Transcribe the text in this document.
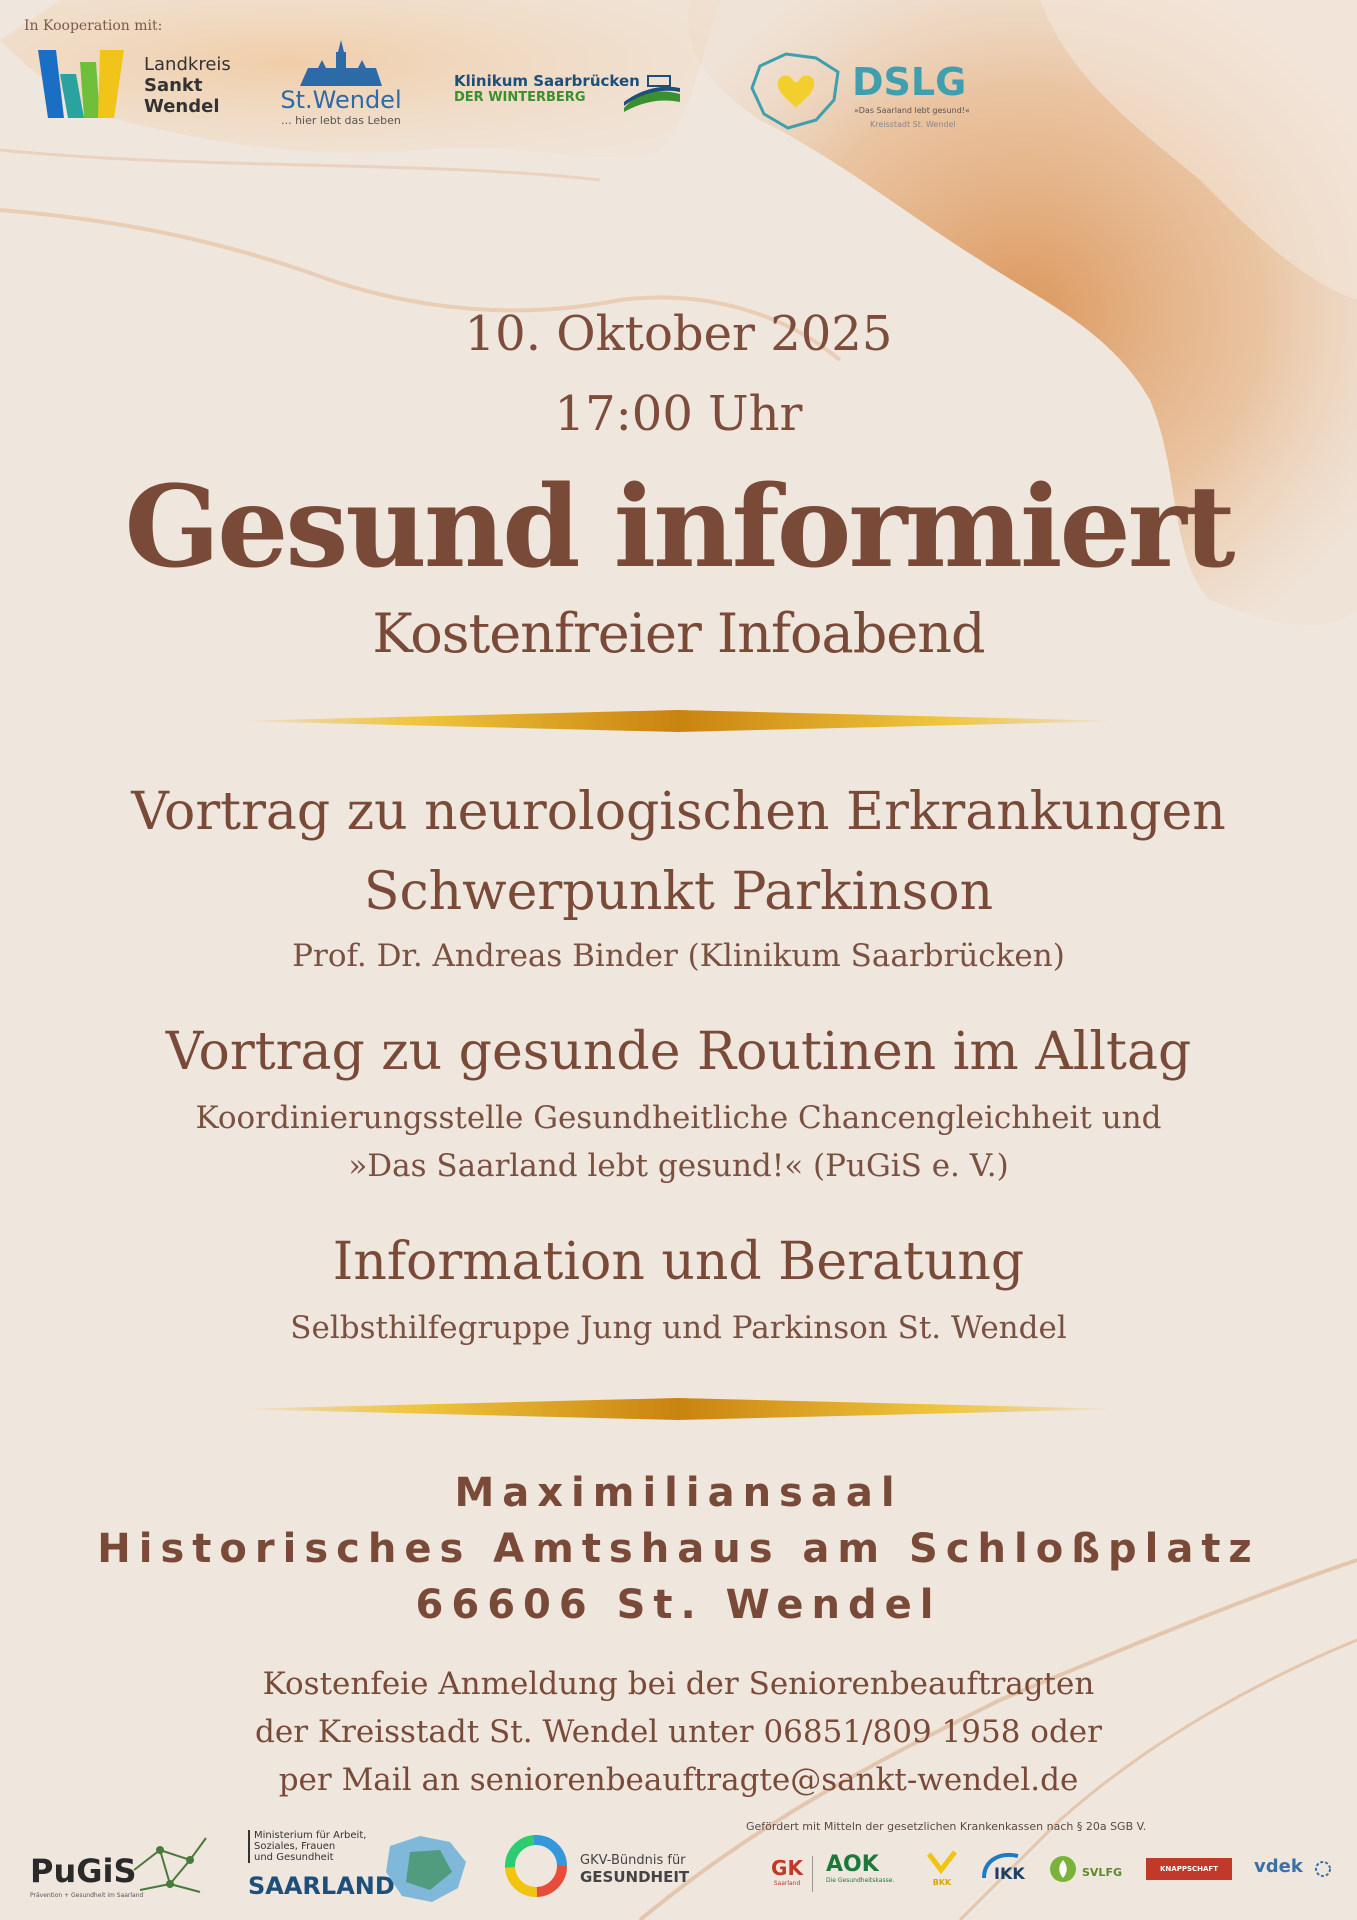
In Kooperation mit:
Landkreis
Sankt
Wendel	St.Wendel
... hier lebt das Leben
Klinikum Saarbrücken
DER WINTERBERG	DSLG
»Das Saarland lebt gesund!«
Kreisstadt St. Wendel
10. Oktober 2025
17:00 Uhr
Gesund informiert
Kostenfreier Infoabend
Vortrag zu neurologischen Erkrankungen
Schwerpunkt Parkinson
Prof. Dr. Andreas Binder (Klinikum Saarbrücken)
Vortrag zu gesunde Routinen im Alltag
Koordinierungsstelle Gesundheitliche Chancengleichheit und
»Das Saarland lebt gesund!« (PuGiS e. V.)
Information und Beratung
Selbsthilfegruppe Jung und Parkinson St. Wendel
Maximiliansaal
Historisches Amtshaus am Schloßplatz
66606 St. Wendel
Kostenfeie Anmeldung bei der Seniorenbeauftragten
der Kreisstadt St. Wendel unter 06851/809 1958 oder
per Mail an seniorenbeauftragte@sankt-wendel.de
PuGiS
Prävention + Gesundheit im Saarland
Ministerium für Arbeit,
Soziales, Frauen
und Gesundheit
SAARLAND
GKV-Bündnis für
GESUNDHEIT
Gefördert mit Mitteln der gesetzlichen Krankenkassen nach § 20a SGB V.
GK
Saarland
AOK
Die Gesundheitskasse.	BKK	IKK	SVLFG	KNAPPSCHAFT	vdek
